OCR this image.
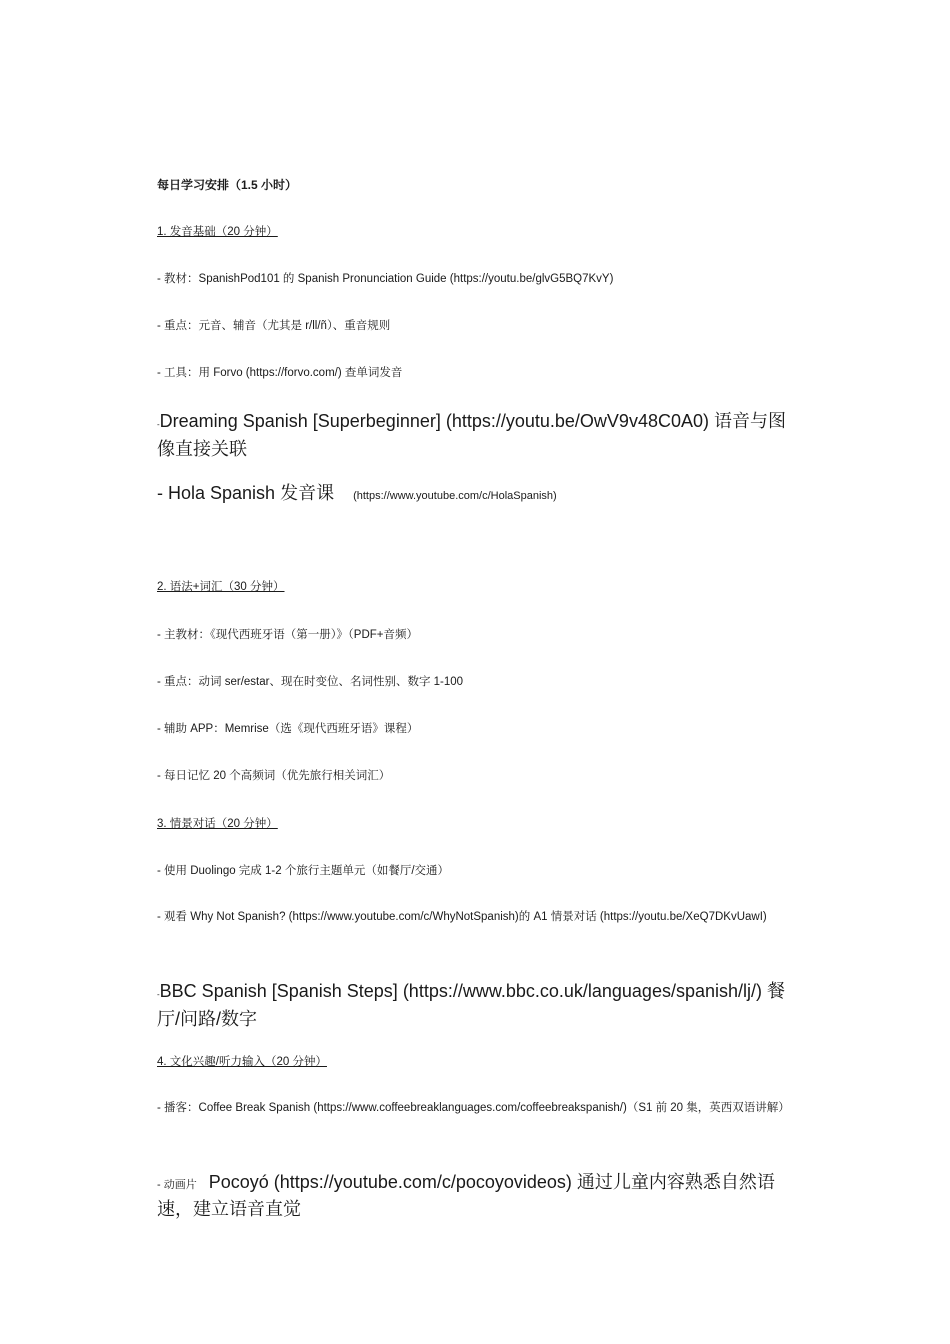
每日学习安排（1.5 小时）
1. 发音基础（20 分钟）
- 教材：SpanishPod101 的 Spanish Pronunciation Guide (https://youtu.be/glvG5BQ7KvY)
- 重点：元音、辅音（尤其是 r/ll/ñ）、重音规则
- 工具：用 Forvo (https://forvo.com/) 查单词发音
-Dreaming Spanish [Superbeginner] (https://youtu.be/OwV9v48C0A0) 语音与图像直接关联
- Hola Spanish 发音课 (https://www.youtube.com/c/HolaSpanish)
2. 语法+词汇（30 分钟）
- 主教材：《现代西班牙语（第一册）》（PDF+音频）
- 重点：动词 ser/estar、现在时变位、名词性别、数字 1-100
- 辅助 APP：Memrise（选《现代西班牙语》课程）
- 每日记忆 20 个高频词（优先旅行相关词汇）
3. 情景对话（20 分钟）
- 使用 Duolingo 完成 1-2 个旅行主题单元（如餐厅/交通）
- 观看 Why Not Spanish? (https://www.youtube.com/c/WhyNotSpanish)的 A1 情景对话 (https://youtu.be/XeQ7DKvUawI)
-BBC Spanish [Spanish Steps] (https://www.bbc.co.uk/languages/spanish/lj/) 餐厅/问路/数字
4. 文化兴趣/听力输入（20 分钟）
- 播客：Coffee Break Spanish (https://www.coffeebreaklanguages.com/coffeebreakspanish/)（S1 前 20 集，英西双语讲解）
- 动画片 Pocoyó (https://youtube.com/c/pocoyovideos) 通过儿童内容熟悉自然语速，建立语音直觉
